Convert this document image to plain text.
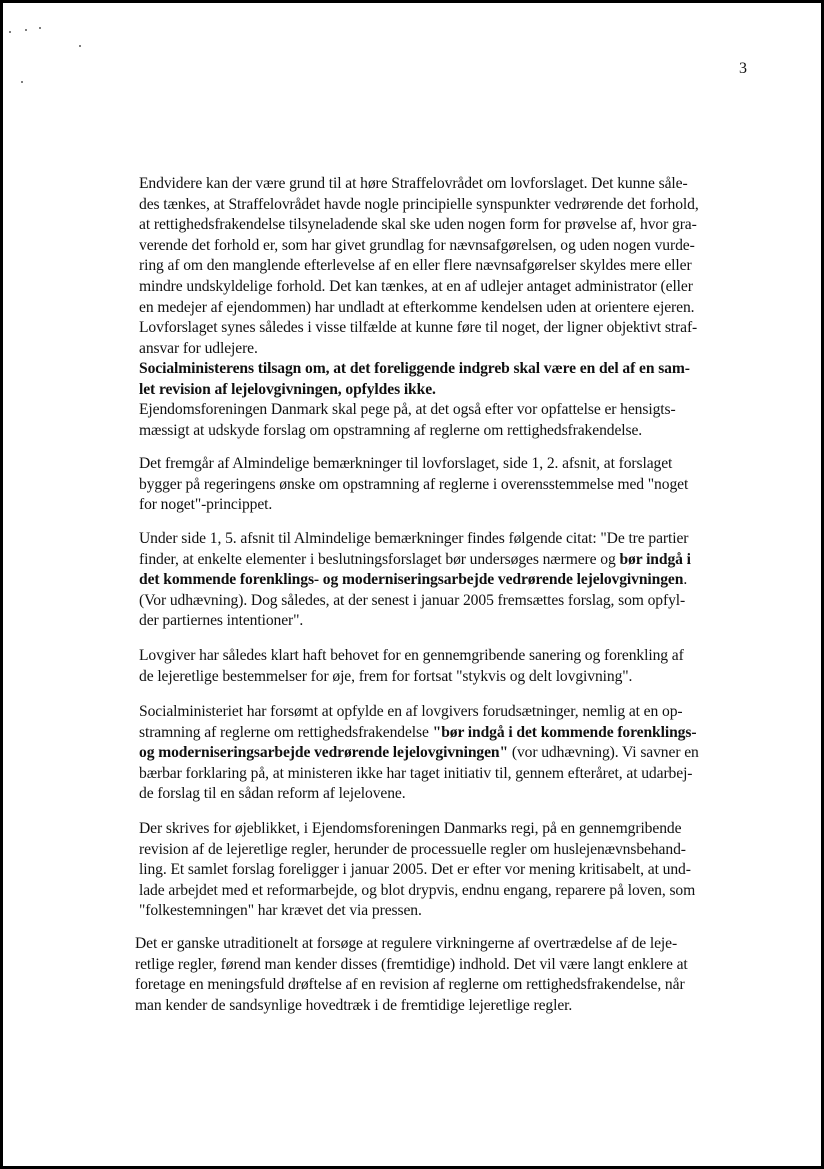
3
Endvidere kan der være grund til at høre Straffelovrådet om lovforslaget. Det kunne såle-
des tænkes, at Straffelovrådet havde nogle principielle synspunkter vedrørende det forhold,
at rettighedsfrakendelse tilsyneladende skal ske uden nogen form for prøvelse af, hvor gra-
verende det forhold er, som har givet grundlag for nævnsafgørelsen, og uden nogen vurde-
ring af om den manglende efterlevelse af en eller flere nævnsafgørelser skyldes mere eller
mindre undskyldelige forhold. Det kan tænkes, at en af udlejer antaget administrator (eller
en medejer af ejendommen) har undladt at efterkomme kendelsen uden at orientere ejeren.
Lovforslaget synes således i visse tilfælde at kunne føre til noget, der ligner objektivt straf-
ansvar for udlejere.
Socialministerens tilsagn om, at det foreliggende indgreb skal være en del af en sam-
let revision af lejelovgivningen, opfyldes ikke.
Ejendomsforeningen Danmark skal pege på, at det også efter vor opfattelse er hensigts-
mæssigt at udskyde forslag om opstramning af reglerne om rettighedsfrakendelse.
Det fremgår af Almindelige bemærkninger til lovforslaget, side 1, 2. afsnit, at forslaget
bygger på regeringens ønske om opstramning af reglerne i overensstemmelse med "noget
for noget"-princippet.
Under side 1, 5. afsnit til Almindelige bemærkninger findes følgende citat: "De tre partier
finder, at enkelte elementer i beslutningsforslaget bør undersøges nærmere og bør indgå i
det kommende forenklings- og moderniseringsarbejde vedrørende lejelovgivningen.
(Vor udhævning). Dog således, at der senest i januar 2005 fremsættes forslag, som opfyl-
der partiernes intentioner".
Lovgiver har således klart haft behovet for en gennemgribende sanering og forenkling af
de lejeretlige bestemmelser for øje, frem for fortsat "stykvis og delt lovgivning".
Socialministeriet har forsømt at opfylde en af lovgivers forudsætninger, nemlig at en op-
stramning af reglerne om rettighedsfrakendelse "bør indgå i det kommende forenklings-
og moderniseringsarbejde vedrørende lejelovgivningen" (vor udhævning). Vi savner en
bærbar forklaring på, at ministeren ikke har taget initiativ til, gennem efteråret, at udarbej-
de forslag til en sådan reform af lejelovene.
Der skrives for øjeblikket, i Ejendomsforeningen Danmarks regi, på en gennemgribende
revision af de lejeretlige regler, herunder de processuelle regler om huslejenævnsbehand-
ling. Et samlet forslag foreligger i januar 2005. Det er efter vor mening kritisabelt, at und-
lade arbejdet med et reformarbejde, og blot drypvis, endnu engang, reparere på loven, som
"folkestemningen" har krævet det via pressen.
Det er ganske utraditionelt at forsøge at regulere virkningerne af overtrædelse af de leje-
retlige regler, førend man kender disses (fremtidige) indhold. Det vil være langt enklere at
foretage en meningsfuld drøftelse af en revision af reglerne om rettighedsfrakendelse, når
man kender de sandsynlige hovedtræk i de fremtidige lejeretlige regler.
